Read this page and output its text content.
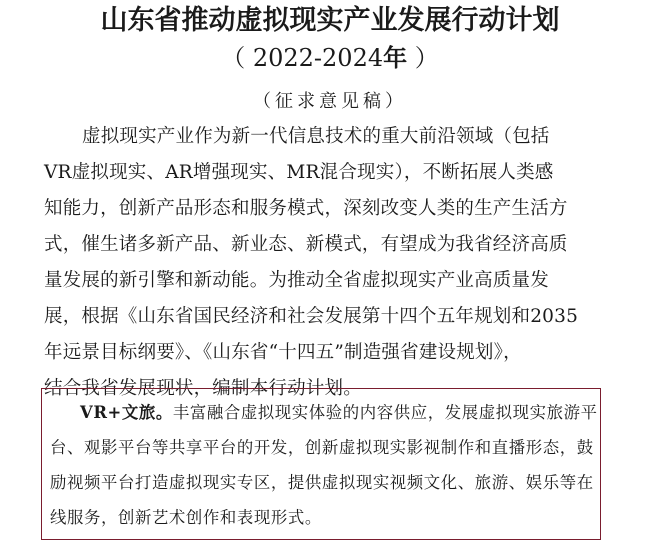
山东省推动虚拟现实产业发展行动计划
（ 2022-2024年 ）
（征求意见稿）
虚拟现实产业作为新一代信息技术的重大前沿领域（包括
VR虚拟现实、AR增强现实、MR混合现实），不断拓展人类感
知能力，创新产品形态和服务模式，深刻改变人类的生产生活方
式，催生诸多新产品、新业态、新模式，有望成为我省经济高质
量发展的新引擎和新动能。为推动全省虚拟现实产业高质量发
展，根据《山东省国民经济和社会发展第十四个五年规划和2035
年远景目标纲要》、《山东省“十四五”制造强省建设规划》，
结合我省发展现状，编制本行动计划。
VR+文旅。丰富融合虚拟现实体验的内容供应，发展虚拟现实旅游平
台、观影平台等共享平台的开发，创新虚拟现实影视制作和直播形态，鼓
励视频平台打造虚拟现实专区，提供虚拟现实视频文化、旅游、娱乐等在
线服务，创新艺术创作和表现形式。
